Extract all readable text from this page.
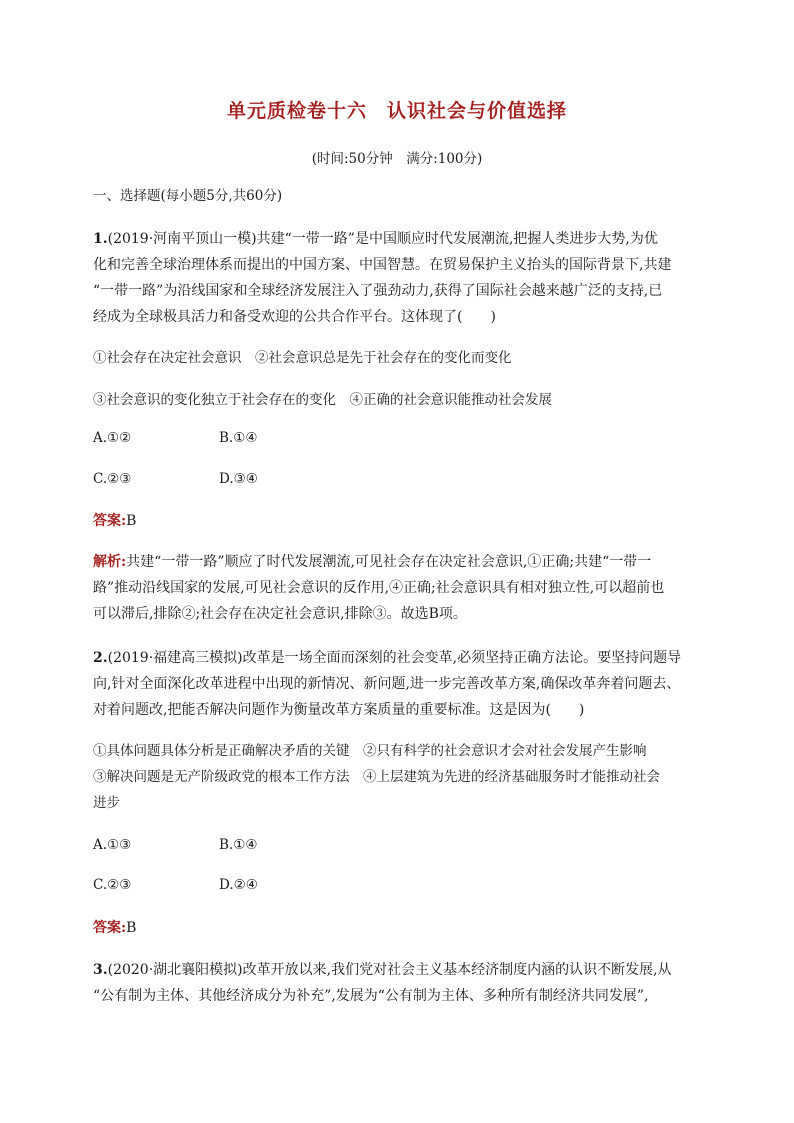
单元质检卷十六　认识社会与价值选择
(时间:50分钟　满分:100分)
一、选择题(每小题5分,共60分)
1.(2019·河南平顶山一模)共建“一带一路”是中国顺应时代发展潮流,把握人类进步大势,为优
化和完善全球治理体系而提出的中国方案、中国智慧。在贸易保护主义抬头的国际背景下,共建
“一带一路”为沿线国家和全球经济发展注入了强劲动力,获得了国际社会越来越广泛的支持,已
经成为全球极具活力和备受欢迎的公共合作平台。这体现了(　　)
①社会存在决定社会意识　②社会意识总是先于社会存在的变化而变化
③社会意识的变化独立于社会存在的变化　④正确的社会意识能推动社会发展
A.①②	B.①④
C.②③	D.③④
答案:B
解析:共建“一带一路”顺应了时代发展潮流,可见社会存在决定社会意识,①正确;共建“一带一
路”推动沿线国家的发展,可见社会意识的反作用,④正确;社会意识具有相对独立性,可以超前也
可以滞后,排除②;社会存在决定社会意识,排除③。故选B项。
2.(2019·福建高三模拟)改革是一场全面而深刻的社会变革,必须坚持正确方法论。要坚持问题导
向,针对全面深化改革进程中出现的新情况、新问题,进一步完善改革方案,确保改革奔着问题去、
对着问题改,把能否解决问题作为衡量改革方案质量的重要标准。这是因为(　　)
①具体问题具体分析是正确解决矛盾的关键　②只有科学的社会意识才会对社会发展产生影响
③解决问题是无产阶级政党的根本工作方法　④上层建筑为先进的经济基础服务时才能推动社会
进步
A.①③	B.①④
C.②③	D.②④
答案:B
3.(2020·湖北襄阳模拟)改革开放以来,我们党对社会主义基本经济制度内涵的认识不断发展,从
“公有制为主体、其他经济成分为补充”,发展为“公有制为主体、多种所有制经济共同发展”,
